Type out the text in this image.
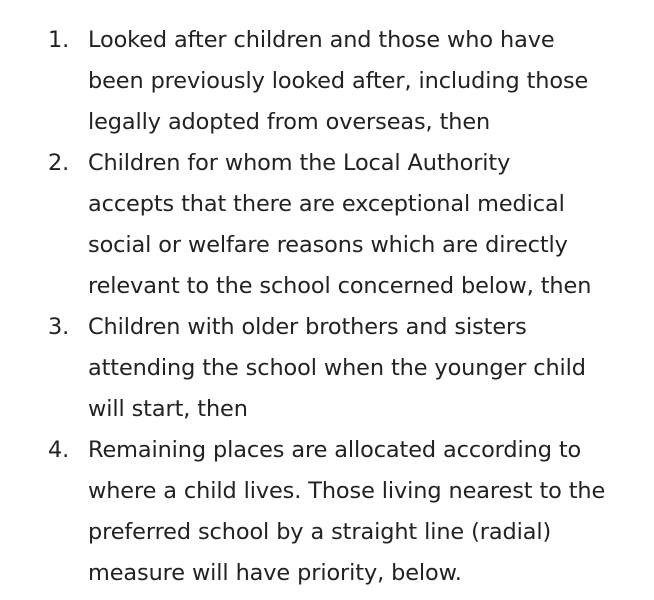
1. Looked after children and those who have
been previously looked after, including those
legally adopted from overseas, then
2. Children for whom the Local Authority
accepts that there are exceptional medical
social or welfare reasons which are directly
relevant to the school concerned below, then
3. Children with older brothers and sisters
attending the school when the younger child
will start, then
4. Remaining places are allocated according to
where a child lives. Those living nearest to the
preferred school by a straight line (radial)
measure will have priority, below.
